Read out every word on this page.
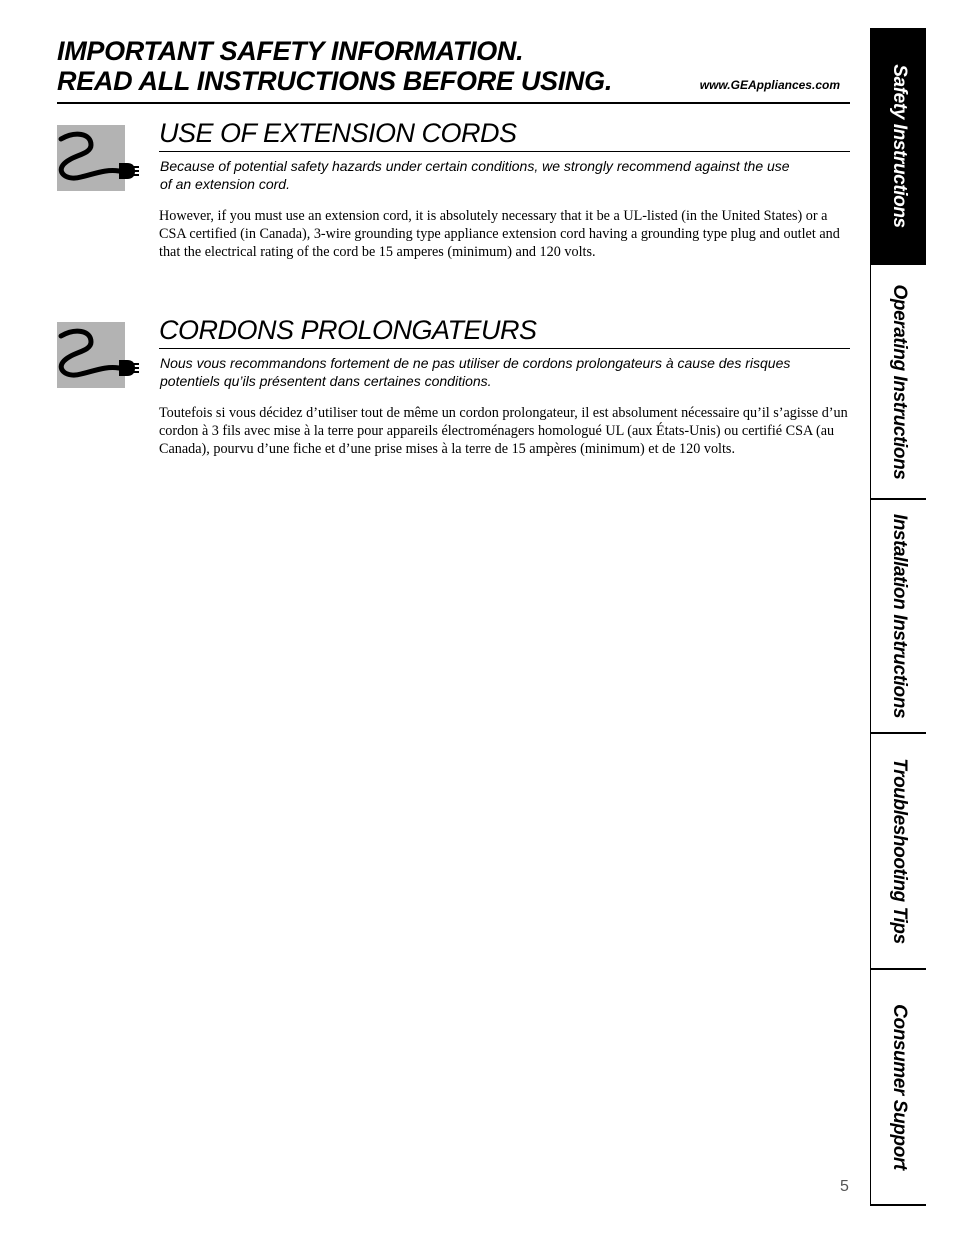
IMPORTANT SAFETY INFORMATION.
READ ALL INSTRUCTIONS BEFORE USING.	www.GEAppliances.com
USE OF EXTENSION CORDS

Because of potential safety hazards under certain conditions, we strongly recommend against the use of an extension cord.

However, if you must use an extension cord, it is absolutely necessary that it be a UL-listed (in the United States) or a CSA certified (in Canada), 3-wire grounding type appliance extension cord having a grounding type plug and outlet and that the electrical rating of the cord be 15 amperes (minimum) and 120 volts.

CORDONS PROLONGATEURS

Nous vous recommandons fortement de ne pas utiliser de cordons prolongateurs à cause des risques potentiels qu’ils présentent dans certaines conditions.

Toutefois si vous décidez d’utiliser tout de même un cordon prolongateur, il est absolument nécessaire qu’il s’agisse d’un cordon à 3 fils avec mise à la terre pour appareils électroménagers homologué UL (aux États-Unis) ou certifié CSA (au Canada), pourvu d’une fiche et d’une prise mises à la terre de 15 ampères (minimum) et de 120 volts.

Safety Instructions
Operating Instructions
Installation Instructions
Troubleshooting Tips
Consumer Support
5
